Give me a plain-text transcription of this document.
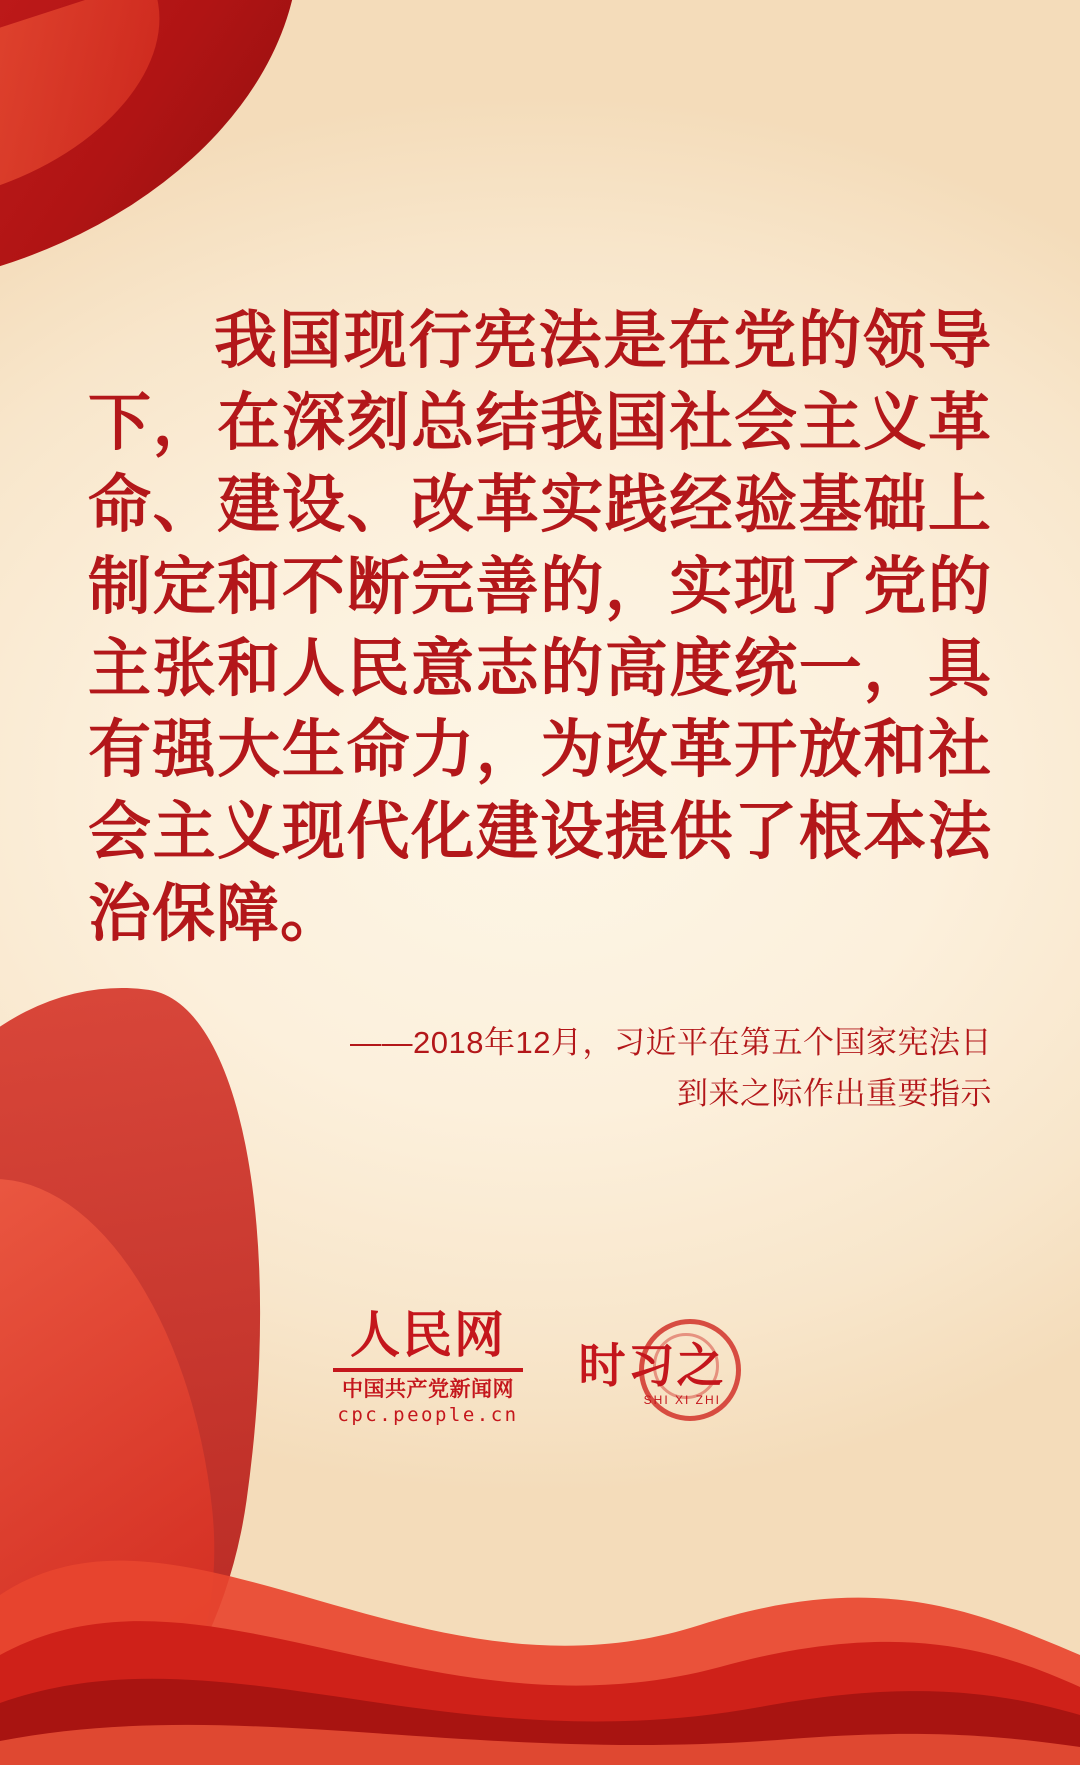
我国现行宪法是在党的领导下，在深刻总结我国社会主义革命、建设、改革实践经验基础上制定和不断完善的，实现了党的主张和人民意志的高度统一，具有强大生命力，为改革开放和社会主义现代化建设提供了根本法治保障。

——2018年12月，习近平在第五个国家宪法日
到来之际作出重要指示
人民网
中国共产党新闻网
cpc.people.cn
时习之
SHI XI ZHI
